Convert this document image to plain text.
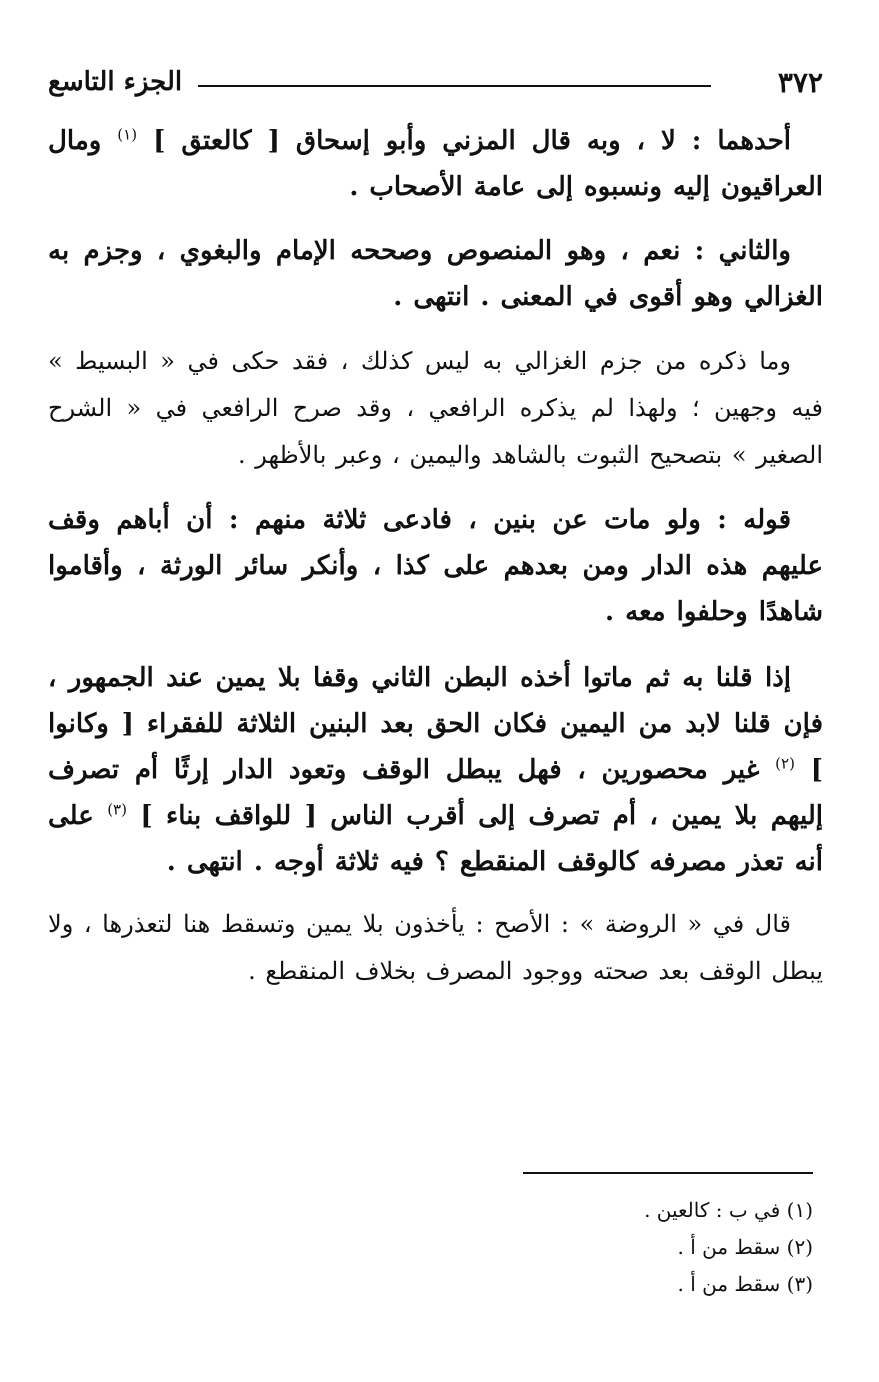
٣٧٢
الجزء التاسع

أحدهما : لا ، وبه قال المزني وأبو إسحاق [ كالعتق ] $^{(١)}$ ومال العراقيون إليه ونسبوه إلى عامة الأصحاب .

والثاني : نعم ، وهو المنصوص وصححه الإمام والبغوي ، وجزم به الغزالي وهو أقوى في المعنى . انتهى .

وما ذكره من جزم الغزالي به ليس كذلك ، فقد حكى في « البسيط » فيه وجهين ؛ ولهذا لم يذكره الرافعي ، وقد صرح الرافعي في « الشرح الصغير » بتصحيح الثبوت بالشاهد واليمين ، وعبر بالأظهر .

قوله : ولو مات عن بنين ، فادعى ثلاثة منهم : أن أباهم وقف عليهم هذه الدار ومن بعدهم على كذا ، وأنكر سائر الورثة ، وأقاموا شاهدًا وحلفوا معه .

إذا قلنا به ثم ماتوا أخذه البطن الثاني وقفا بلا يمين عند الجمهور ، فإن قلنا لابد من اليمين فكان الحق بعد البنين الثلاثة للفقراء [ وكانوا ] $^{(٢)}$ غير محصورين ، فهل يبطل الوقف وتعود الدار إرثًا أم تصرف إليهم بلا يمين ، أم تصرف إلى أقرب الناس [ للواقف بناء ] $^{(٣)}$ على أنه تعذر مصرفه كالوقف المنقطع ؟ فيه ثلاثة أوجه . انتهى .

قال في « الروضة » : الأصح : يأخذون بلا يمين وتسقط هنا لتعذرها ، ولا يبطل الوقف بعد صحته ووجود المصرف بخلاف المنقطع .

(١) في ب : كالعين .

(٢) سقط من أ .

(٣) سقط من أ .
